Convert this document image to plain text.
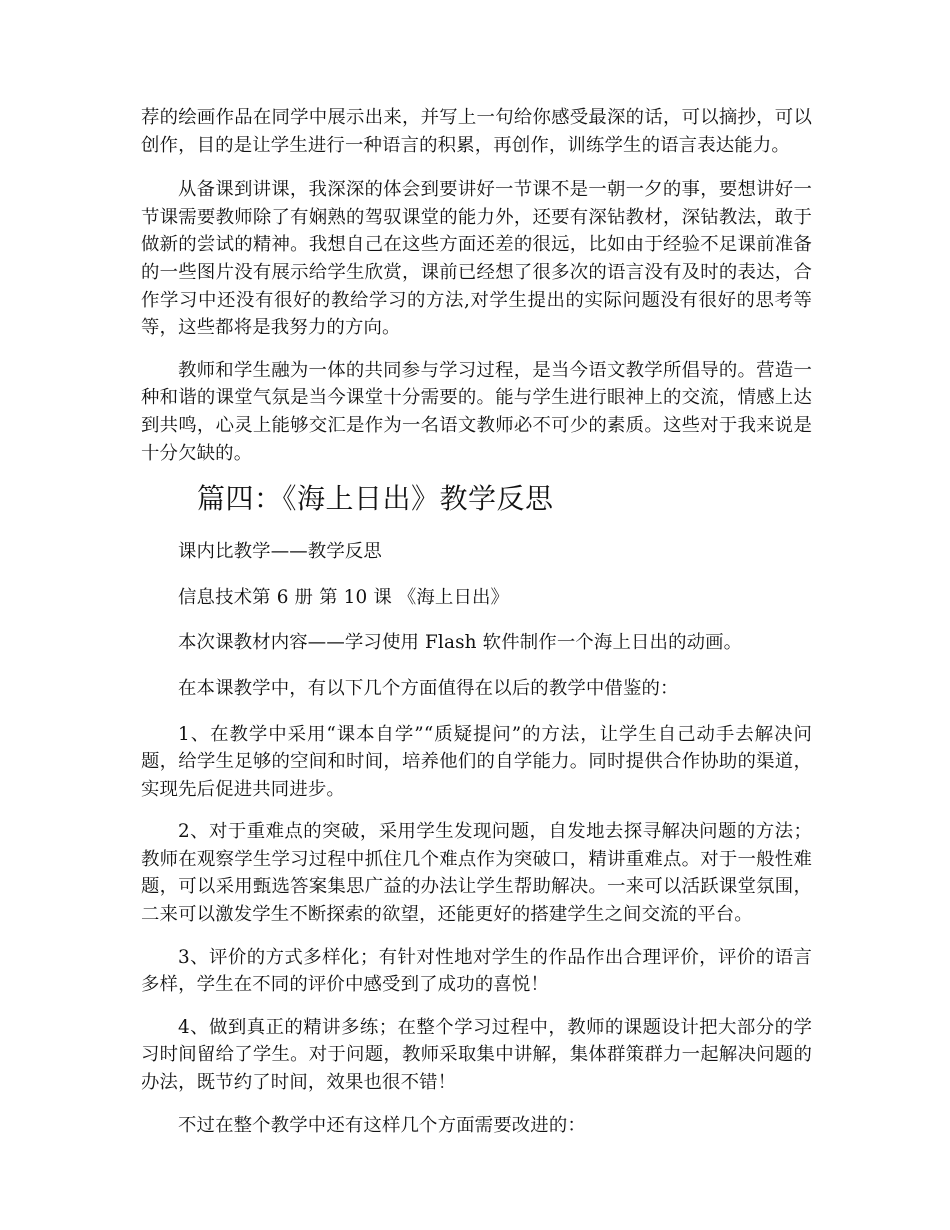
荐的绘画作品在同学中展示出来，并写上一句给你感受最深的话，可以摘抄，可以创作，目的是让学生进行一种语言的积累，再创作，训练学生的语言表达能力。

从备课到讲课，我深深的体会到要讲好一节课不是一朝一夕的事，要想讲好一节课需要教师除了有娴熟的驾驭课堂的能力外，还要有深钻教材，深钻教法，敢于做新的尝试的精神。我想自己在这些方面还差的很远，比如由于经验不足课前准备的一些图片没有展示给学生欣赏，课前已经想了很多次的语言没有及时的表达，合作学习中还没有很好的教给学习的方法,对学生提出的实际问题没有很好的思考等等，这些都将是我努力的方向。

教师和学生融为一体的共同参与学习过程，是当今语文教学所倡导的。营造一种和谐的课堂气氛是当今课堂十分需要的。能与学生进行眼神上的交流，情感上达到共鸣，心灵上能够交汇是作为一名语文教师必不可少的素质。这些对于我来说是十分欠缺的。

篇四：《海上日出》教学反思

课内比教学——教学反思

信息技术第 6 册 第 10 课 《海上日出》

本次课教材内容——学习使用 Flash 软件制作一个海上日出的动画。

在本课教学中，有以下几个方面值得在以后的教学中借鉴的：

1、在教学中采用“课本自学”“质疑提问”的方法，让学生自己动手去解决问题，给学生足够的空间和时间，培养他们的自学能力。同时提供合作协助的渠道，实现先后促进共同进步。

2、对于重难点的突破，采用学生发现问题，自发地去探寻解决问题的方法；教师在观察学生学习过程中抓住几个难点作为突破口，精讲重难点。对于一般性难题，可以采用甄选答案集思广益的办法让学生帮助解决。一来可以活跃课堂氛围，二来可以激发学生不断探索的欲望，还能更好的搭建学生之间交流的平台。

3、评价的方式多样化；有针对性地对学生的作品作出合理评价，评价的语言多样，学生在不同的评价中感受到了成功的喜悦！

4、做到真正的精讲多练；在整个学习过程中，教师的课题设计把大部分的学习时间留给了学生。对于问题，教师采取集中讲解，集体群策群力一起解决问题的办法，既节约了时间，效果也很不错！

不过在整个教学中还有这样几个方面需要改进的：
